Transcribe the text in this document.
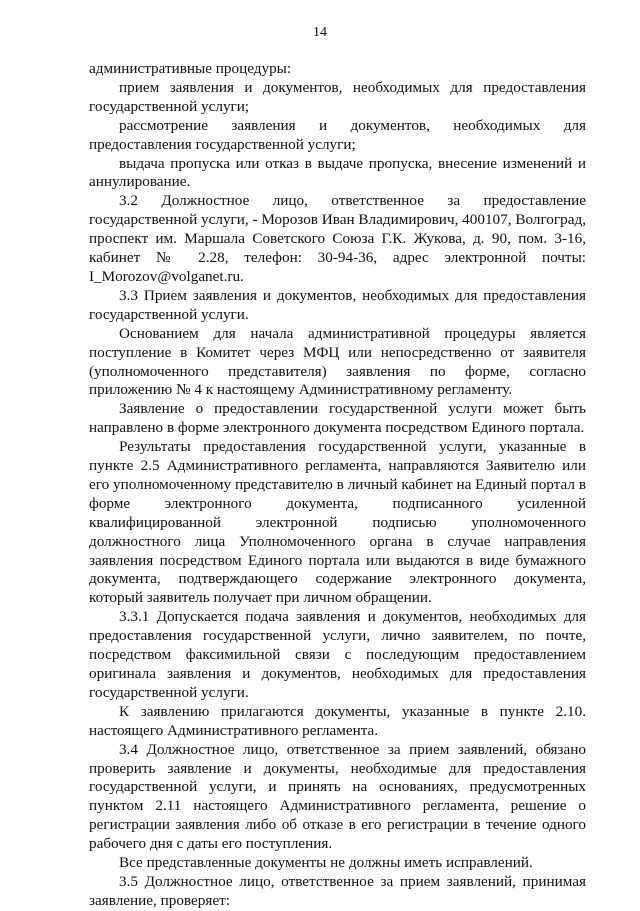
14

административные процедуры:

прием заявления и документов, необходимых для предоставления государственной услуги;

рассмотрение заявления и документов, необходимых для предоставления государственной услуги;

выдача пропуска или отказ в выдаче пропуска, внесение изменений и аннулирование.

3.2 Должностное лицо, ответственное за предоставление государственной услуги, - Морозов Иван Владимирович, 400107, Волгоград, проспект им. Маршала Советского Союза Г.К. Жукова, д. 90, пом. 3-16, кабинет № 2.28, телефон: 30-94-36, адрес электронной почты: I_Morozov@volganet.ru.

3.3 Прием заявления и документов, необходимых для предоставления государственной услуги.

Основанием для начала административной процедуры является поступление в Комитет через МФЦ или непосредственно от заявителя (уполномоченного представителя) заявления по форме, согласно приложению № 4 к настоящему Административному регламенту.

Заявление о предоставлении государственной услуги может быть направлено в форме электронного документа посредством Единого портала.

Результаты предоставления государственной услуги, указанные в пункте 2.5 Административного регламента, направляются Заявителю или его уполномоченному представителю в личный кабинет на Единый портал в форме электронного документа, подписанного усиленной квалифицированной электронной подписью уполномоченного должностного лица Уполномоченного органа в случае направления заявления посредством Единого портала или выдаются в виде бумажного документа, подтверждающего содержание электронного документа, который заявитель получает при личном обращении.

3.3.1 Допускается подача заявления и документов, необходимых для предоставления государственной услуги, лично заявителем, по почте, посредством факсимильной связи с последующим предоставлением оригинала заявления и документов, необходимых для предоставления государственной услуги.

К заявлению прилагаются документы, указанные в пункте 2.10. настоящего Административного регламента.

3.4 Должностное лицо, ответственное за прием заявлений, обязано проверить заявление и документы, необходимые для предоставления государственной услуги, и принять на основаниях, предусмотренных пунктом 2.11 настоящего Административного регламента, решение о регистрации заявления либо об отказе в его регистрации в течение одного рабочего дня с даты его поступления.

Все представленные документы не должны иметь исправлений.

3.5 Должностное лицо, ответственное за прием заявлений, принимая заявление, проверяет:
